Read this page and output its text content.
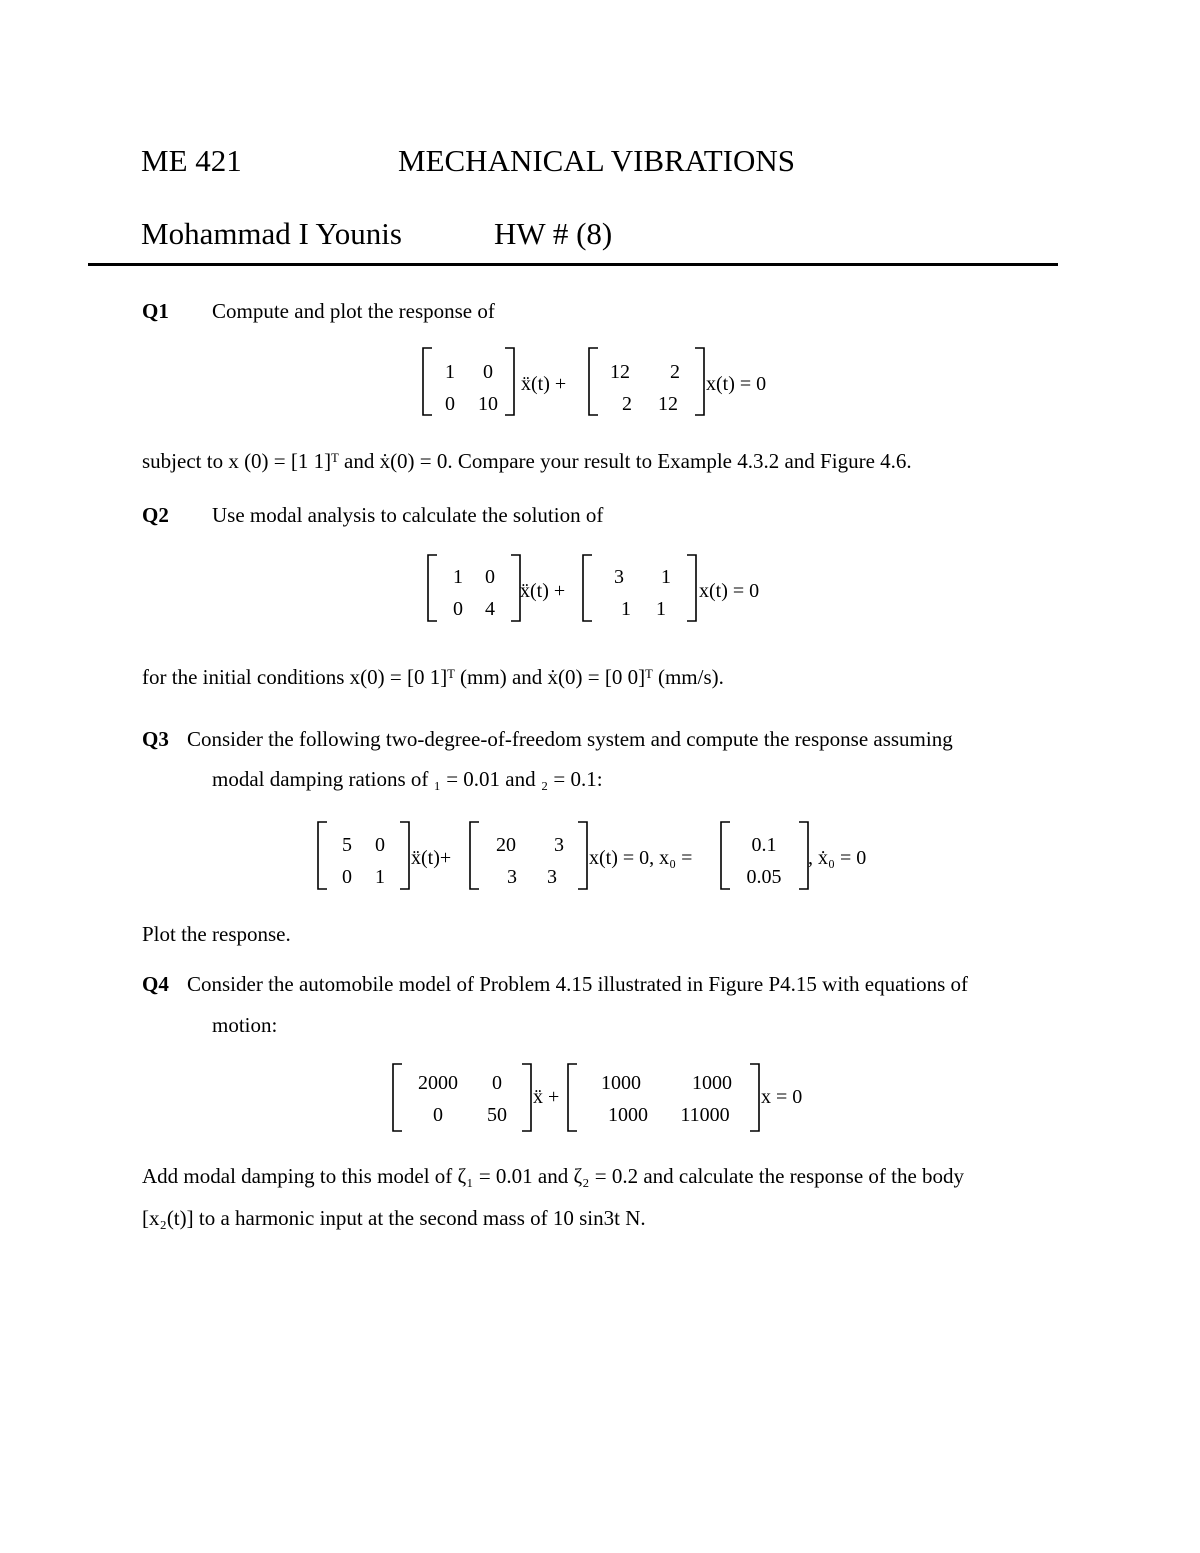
ME 421	MECHANICAL VIBRATIONS
Mohammad I Younis	HW # (8)
Q1 Compute and plot the response of
1 0
0 10
ẍ(t) +
12 2
2 12
x(t) = 0
1 0
0 4
ẍ(t) +
3 1
1 1
x(t) = 0
5 0
0 1
ẍ(t)+
20 3
3 3
x(t) = 0, x₀ =
0.1
0.05
, ẋ₀ = 0
2000 0
0 50
ẍ +
1000	1000
1000 11000
x = 0
subject to x (0) = [1 1]ᵀ and ẋ(0) = 0. Compare your result to Example 4.3.2 and Figure 4.6.
Q2 Use modal analysis to calculate the solution of
for the initial conditions x(0) = [0 1]ᵀ (mm) and ẋ(0) = [0 0]ᵀ (mm/s).
Q3 Consider the following two-degree-of-freedom system and compute the response assuming
modal damping rations of ₁ = 0.01 and ₂ = 0.1:
Plot the response.
Q4 Consider the automobile model of Problem 4.15 illustrated in Figure P4.15 with equations of
motion:
Add modal damping to this model of ζ₁ = 0.01 and ζ₂ = 0.2 and calculate the response of the body
[x₂(t)] to a harmonic input at the second mass of 10 sin3t N.
